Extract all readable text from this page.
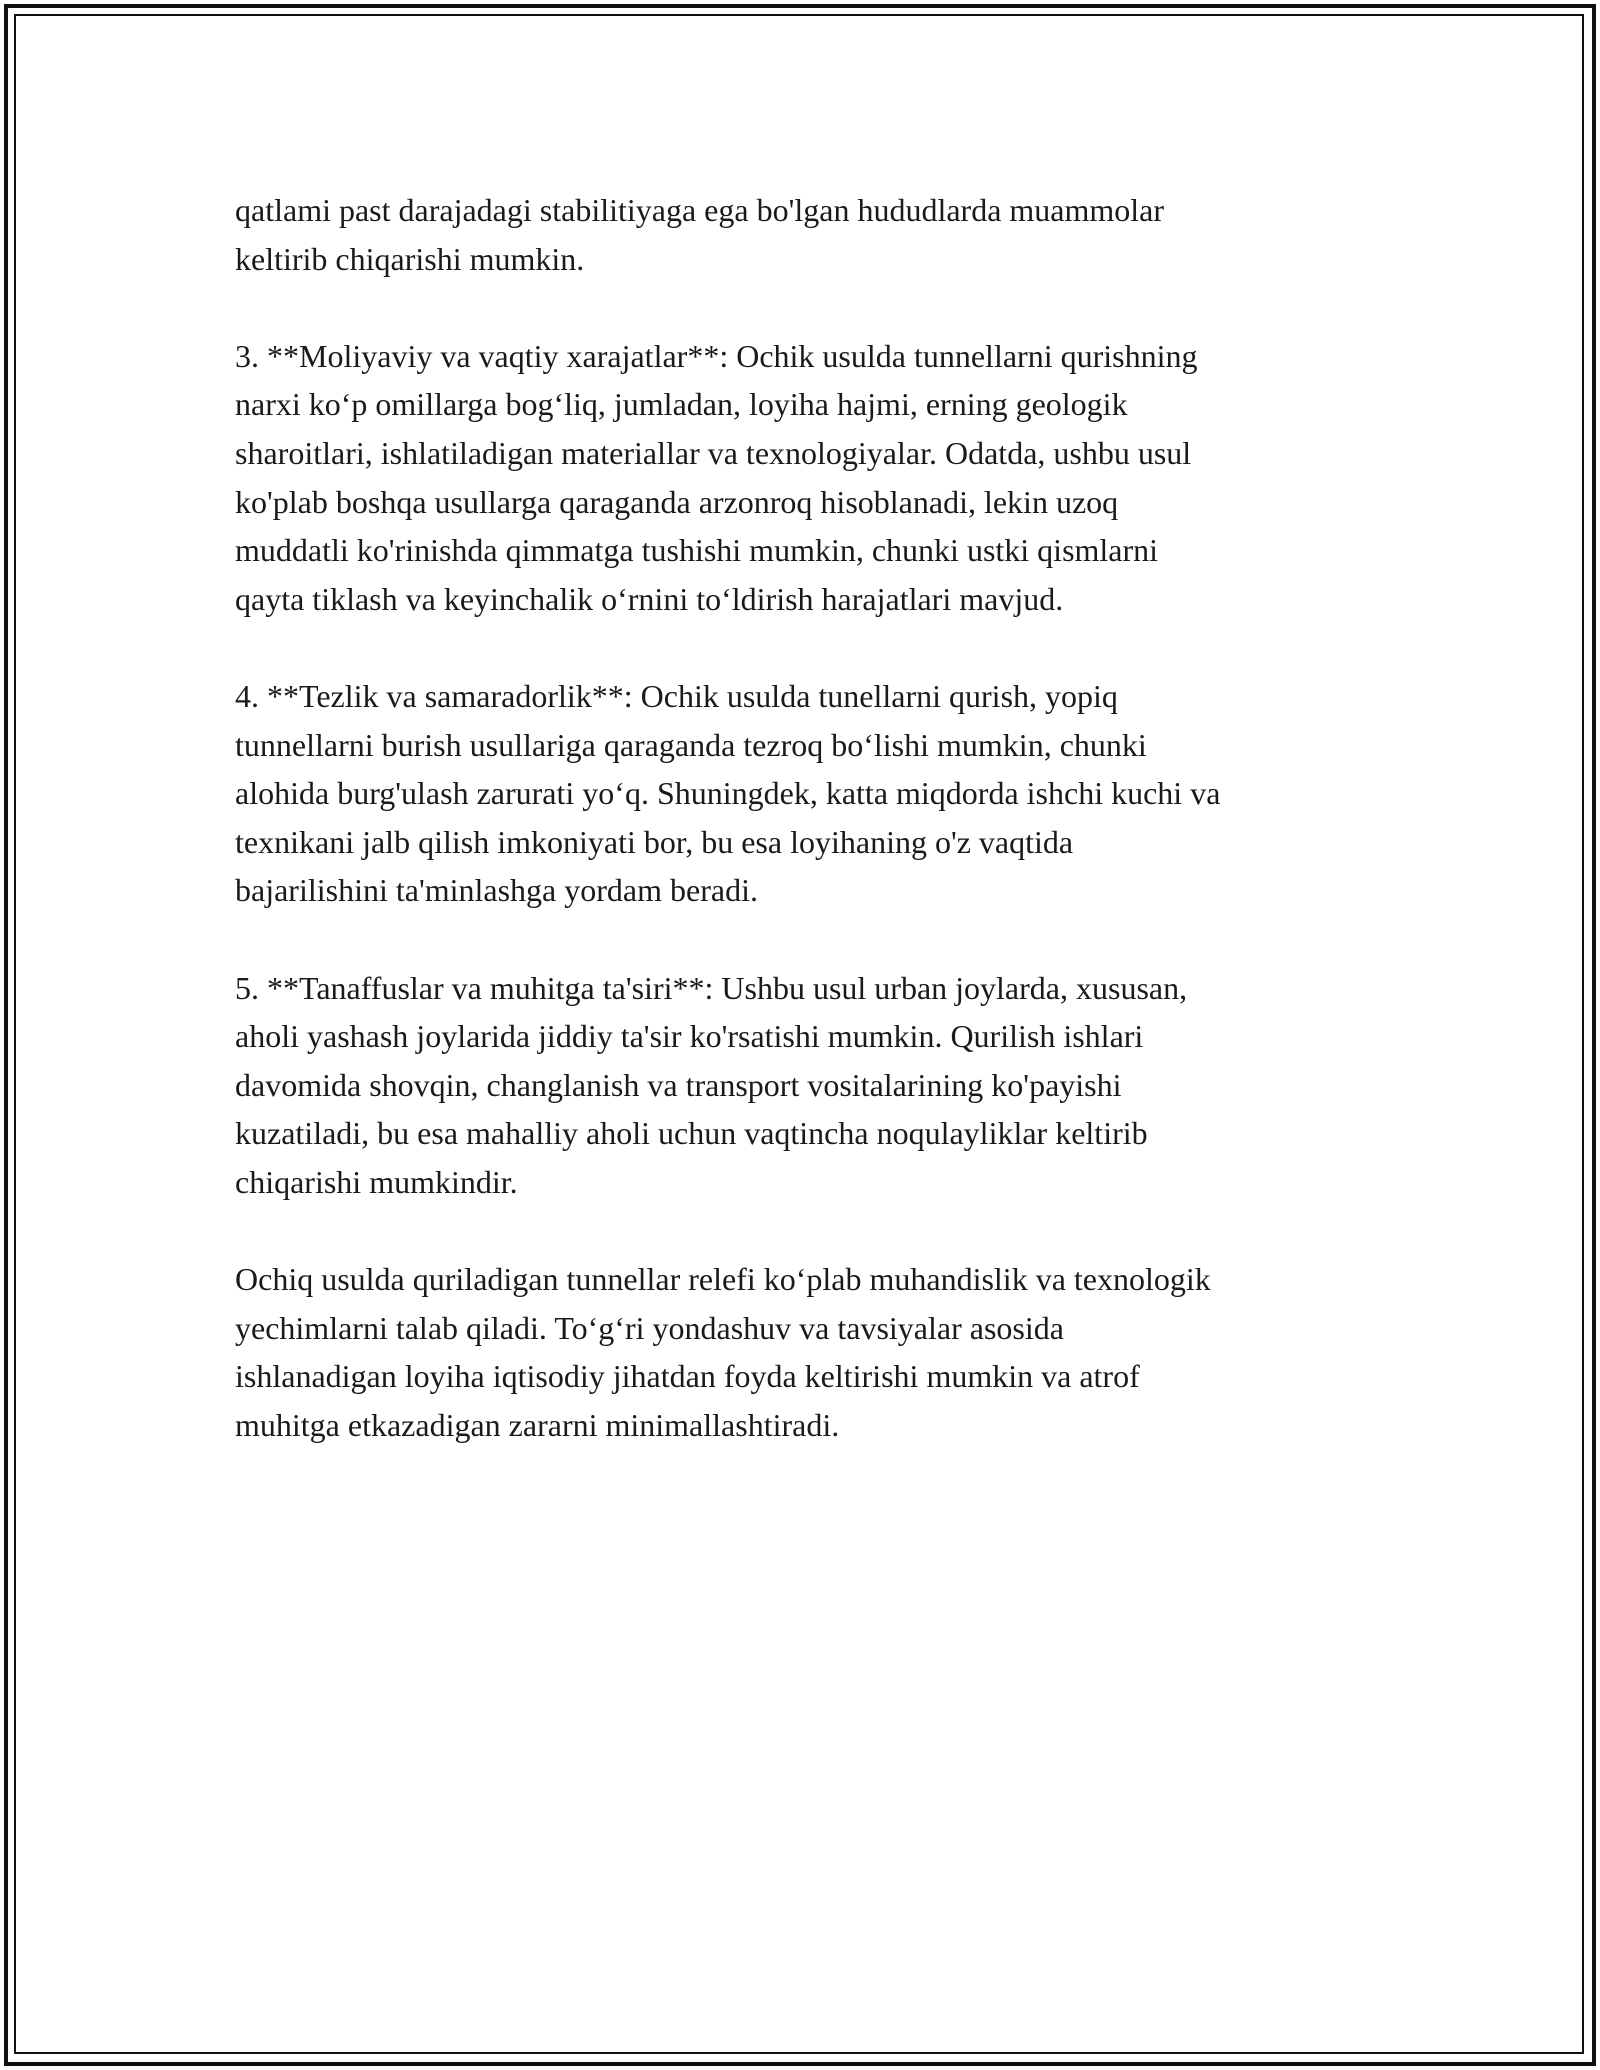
qatlami past darajadagi stabilitiyaga ega bo'lgan hududlarda muammolar
keltirib chiqarishi mumkin.

3. **Moliyaviy va vaqtiy xarajatlar**: Ochik usulda tunnellarni qurishning
narxi ko‘p omillarga bog‘liq, jumladan, loyiha hajmi, erning geologik
sharoitlari, ishlatiladigan materiallar va texnologiyalar. Odatda, ushbu usul
ko'plab boshqa usullarga qaraganda arzonroq hisoblanadi, lekin uzoq
muddatli ko'rinishda qimmatga tushishi mumkin, chunki ustki qismlarni
qayta tiklash va keyinchalik o‘rnini to‘ldirish harajatlari mavjud.

4. **Tezlik va samaradorlik**: Ochik usulda tunellarni qurish, yopiq
tunnellarni burish usullariga qaraganda tezroq bo‘lishi mumkin, chunki
alohida burg'ulash zarurati yo‘q. Shuningdek, katta miqdorda ishchi kuchi va
texnikani jalb qilish imkoniyati bor, bu esa loyihaning o'z vaqtida
bajarilishini ta'minlashga yordam beradi.

5. **Tanaffuslar va muhitga ta'siri**: Ushbu usul urban joylarda, xususan,
aholi yashash joylarida jiddiy ta'sir ko'rsatishi mumkin. Qurilish ishlari
davomida shovqin, changlanish va transport vositalarining ko'payishi
kuzatiladi, bu esa mahalliy aholi uchun vaqtincha noqulayliklar keltirib
chiqarishi mumkindir.

Ochiq usulda quriladigan tunnellar relefi ko‘plab muhandislik va texnologik
yechimlarni talab qiladi. To‘g‘ri yondashuv va tavsiyalar asosida
ishlanadigan loyiha iqtisodiy jihatdan foyda keltirishi mumkin va atrof
muhitga etkazadigan zararni minimallashtiradi.
